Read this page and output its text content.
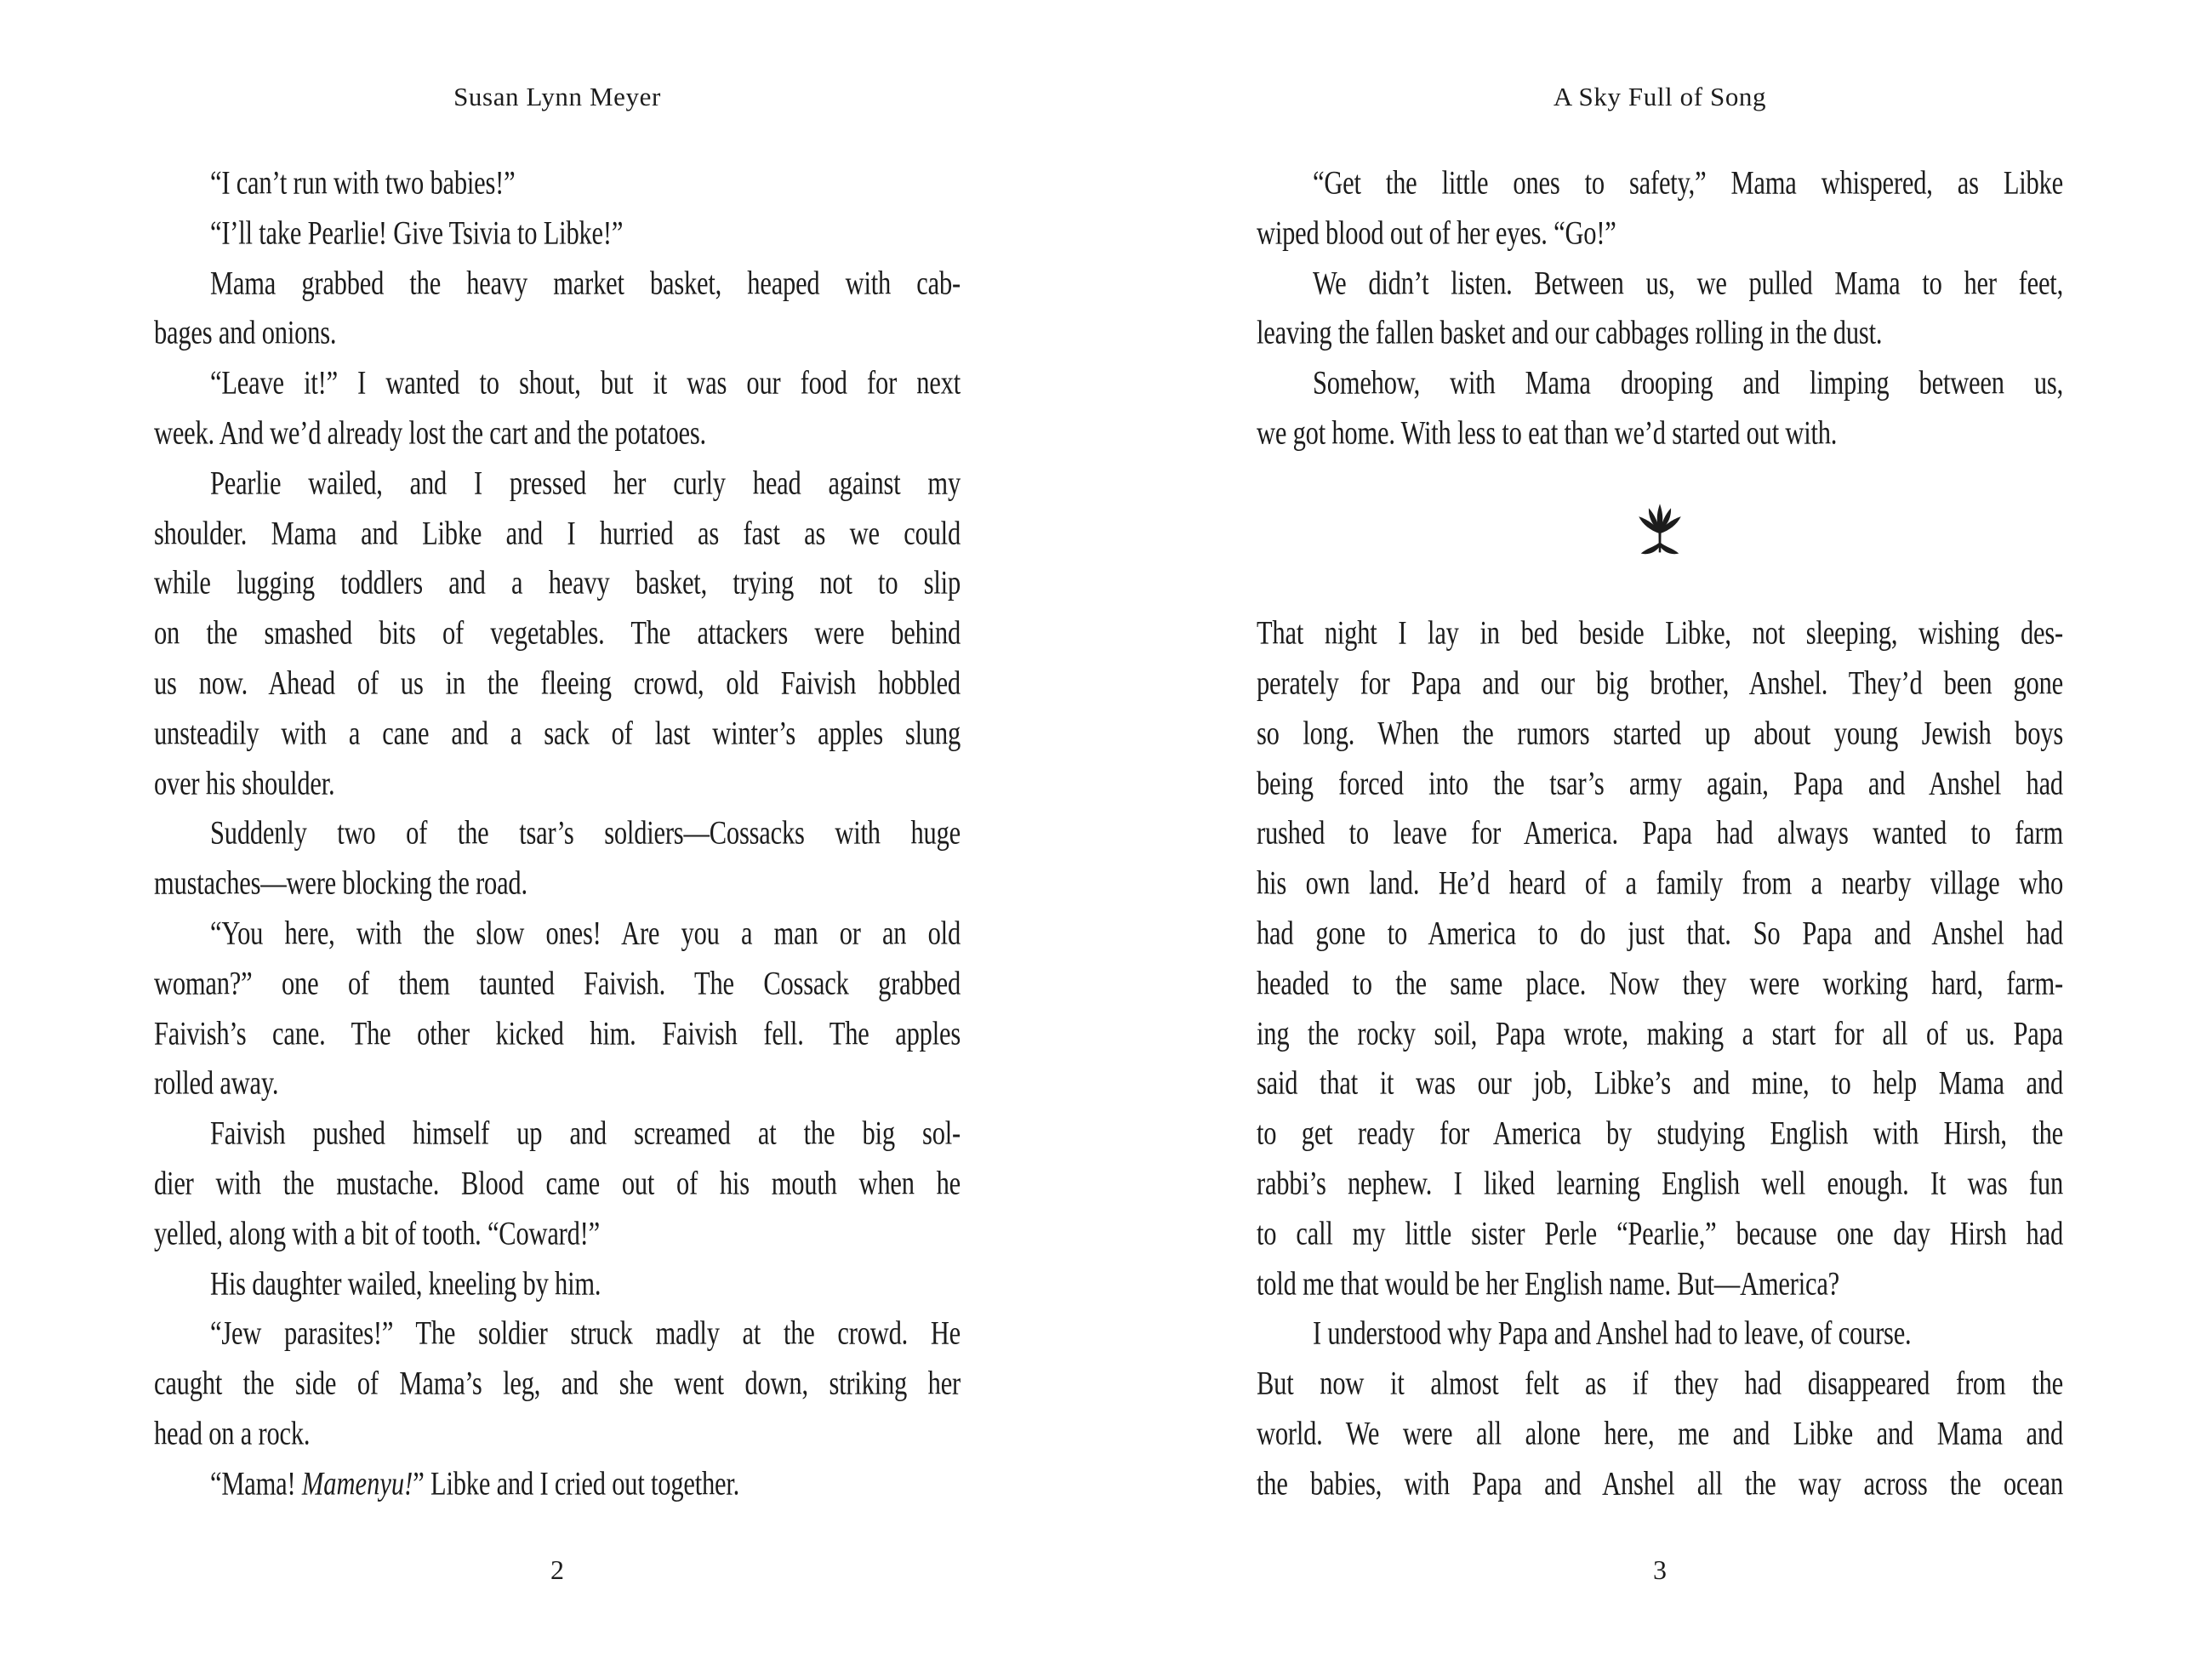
Susan Lynn Meyer
“I can’t run with two babies!”
“I’ll take Pearlie! Give Tsivia to Libke!”
Mama grabbed the heavy market basket, heaped with cab-
bages and onions.
“Leave it!” I wanted to shout, but it was our food for next
week. And we’d already lost the cart and the potatoes.
Pearlie wailed, and I pressed her curly head against my
shoulder. Mama and Libke and I hurried as fast as we could
while lugging toddlers and a heavy basket, trying not to slip
on the smashed bits of vegetables. The attackers were behind
us now. Ahead of us in the fleeing crowd, old Faivish hobbled
unsteadily with a cane and a sack of last winter’s apples slung
over his shoulder.
Suddenly two of the tsar’s soldiers—Cossacks with huge
mustaches—were blocking the road.
“You here, with the slow ones! Are you a man or an old
woman?” one of them taunted Faivish. The Cossack grabbed
Faivish’s cane. The other kicked him. Faivish fell. The apples
rolled away.
Faivish pushed himself up and screamed at the big sol-
dier with the mustache. Blood came out of his mouth when he
yelled, along with a bit of tooth. “Coward!”
His daughter wailed, kneeling by him.
“Jew parasites!” The soldier struck madly at the crowd. He
caught the side of Mama’s leg, and she went down, striking her
head on a rock.
“Mama! Mamenyu!” Libke and I cried out together.
2
A Sky Full of Song
“Get the little ones to safety,” Mama whispered, as Libke
wiped blood out of her eyes. “Go!”
We didn’t listen. Between us, we pulled Mama to her feet,
leaving the fallen basket and our cabbages rolling in the dust.
Somehow, with Mama drooping and limping between us,
we got home. With less to eat than we’d started out with.
That night I lay in bed beside Libke, not sleeping, wishing des-
perately for Papa and our big brother, Anshel. They’d been gone
so long. When the rumors started up about young Jewish boys
being forced into the tsar’s army again, Papa and Anshel had
rushed to leave for America. Papa had always wanted to farm
his own land. He’d heard of a family from a nearby village who
had gone to America to do just that. So Papa and Anshel had
headed to the same place. Now they were working hard, farm-
ing the rocky soil, Papa wrote, making a start for all of us. Papa
said that it was our job, Libke’s and mine, to help Mama and
to get ready for America by studying English with Hirsh, the
rabbi’s nephew. I liked learning English well enough. It was fun
to call my little sister Perle “Pearlie,” because one day Hirsh had
told me that would be her English name. But—America?
I understood why Papa and Anshel had to leave, of course.
But now it almost felt as if they had disappeared from the
world. We were all alone here, me and Libke and Mama and
the babies, with Papa and Anshel all the way across the ocean
3
